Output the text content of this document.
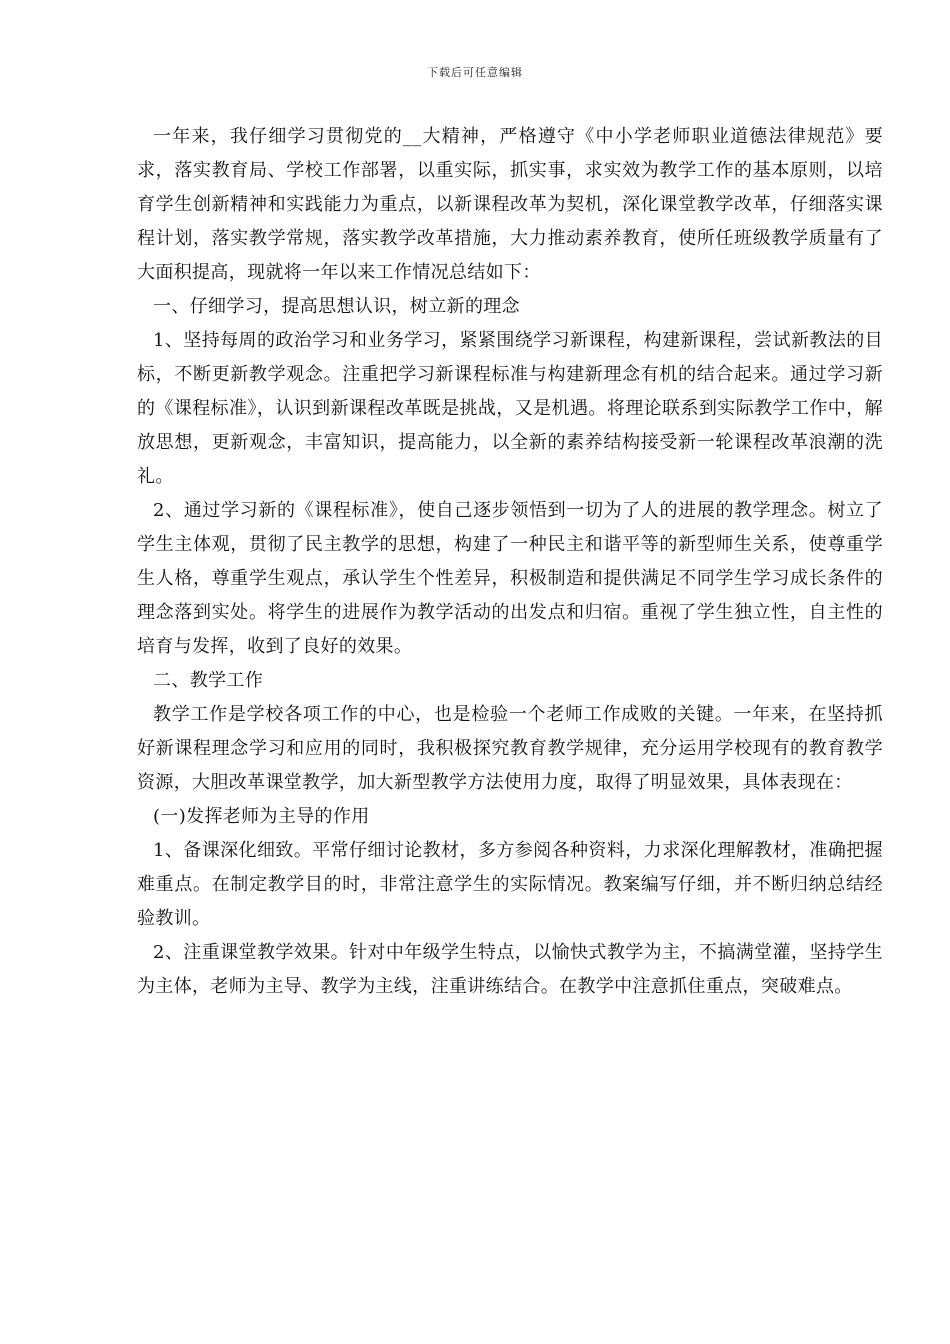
下载后可任意编辑

一年来，我仔细学习贯彻党的__大精神，严格遵守《中小学老师职业道德法律规范》要求，落实教育局、学校工作部署，以重实际，抓实事，求实效为教学工作的基本原则，以培育学生创新精神和实践能力为重点，以新课程改革为契机，深化课堂教学改革，仔细落实课程计划，落实教学常规，落实教学改革措施，大力推动素养教育，使所任班级教学质量有了大面积提高，现就将一年以来工作情况总结如下：

一、仔细学习，提高思想认识，树立新的理念

1、坚持每周的政治学习和业务学习，紧紧围绕学习新课程，构建新课程，尝试新教法的目标，不断更新教学观念。注重把学习新课程标准与构建新理念有机的结合起来。通过学习新的《课程标准》，认识到新课程改革既是挑战，又是机遇。将理论联系到实际教学工作中，解放思想，更新观念，丰富知识，提高能力，以全新的素养结构接受新一轮课程改革浪潮的洗礼。

2、通过学习新的《课程标准》，使自己逐步领悟到一切为了人的进展的教学理念。树立了学生主体观，贯彻了民主教学的思想，构建了一种民主和谐平等的新型师生关系，使尊重学生人格，尊重学生观点，承认学生个性差异，积极制造和提供满足不同学生学习成长条件的理念落到实处。将学生的进展作为教学活动的出发点和归宿。重视了学生独立性，自主性的培育与发挥，收到了良好的效果。

二、教学工作

教学工作是学校各项工作的中心，也是检验一个老师工作成败的关键。一年来，在坚持抓好新课程理念学习和应用的同时，我积极探究教育教学规律，充分运用学校现有的教育教学资源，大胆改革课堂教学，加大新型教学方法使用力度，取得了明显效果，具体表现在：

(一)发挥老师为主导的作用

1、备课深化细致。平常仔细讨论教材，多方参阅各种资料，力求深化理解教材，准确把握难重点。在制定教学目的时，非常注意学生的实际情况。教案编写仔细，并不断归纳总结经验教训。

2、注重课堂教学效果。针对中年级学生特点，以愉快式教学为主，不搞满堂灌，坚持学生为主体，老师为主导、教学为主线，注重讲练结合。在教学中注意抓住重点，突破难点。
